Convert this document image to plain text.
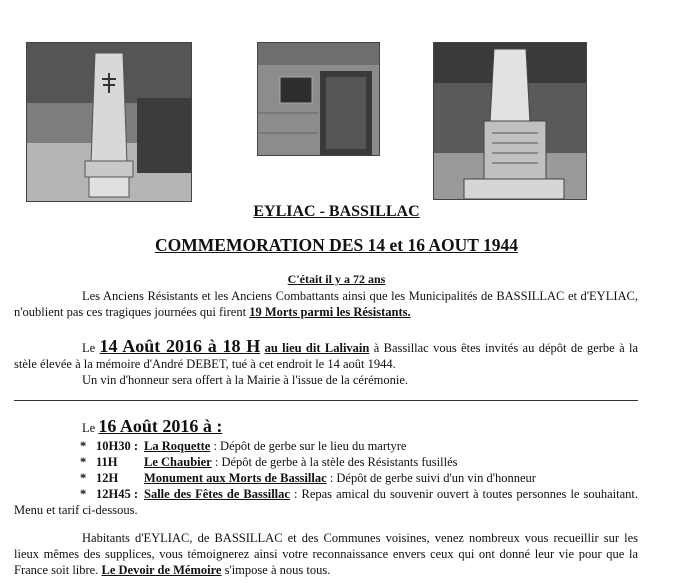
EYLIAC - BASSILLAC
COMMEMORATION DES 14 et 16 AOUT 1944
C'était il y a 72 ans
Les Anciens Résistants et les Anciens Combattants ainsi que les Municipalités de BASSILLAC et d'EYLIAC, n'oublient pas ces tragiques journées qui firent 19 Morts parmi les Résistants.
Le 14 Août 2016 à 18 H au lieu dit Lalivain à Bassillac vous êtes invités au dépôt de gerbe à la stèle élevée à la mémoire d'André DEBET, tué à cet endroit le 14 août 1944.
Un vin d'honneur sera offert à la Mairie à l'issue de la cérémonie.
Le 16 Août 2016 à :
* 10H30 : La Roquette : Dépôt de gerbe sur le lieu du martyre
* 11H	Le Chaubier : Dépôt de gerbe à la stèle des Résistants fusillés
* 12H	Monument aux Morts de Bassillac : Dépôt de gerbe suivi d'un vin d'honneur
* 12H45 : Salle des Fêtes de Bassillac : Repas amical du souvenir ouvert à toutes personnes le souhaitant. Menu et tarif ci-dessous.
Habitants d'EYLIAC, de BASSILLAC et des Communes voisines, venez nombreux vous recueillir sur les lieux mêmes des supplices, vous témoignerez ainsi votre reconnaissance envers ceux qui ont donné leur vie pour que la France soit libre. Le Devoir de Mémoire s'impose à nous tous.
